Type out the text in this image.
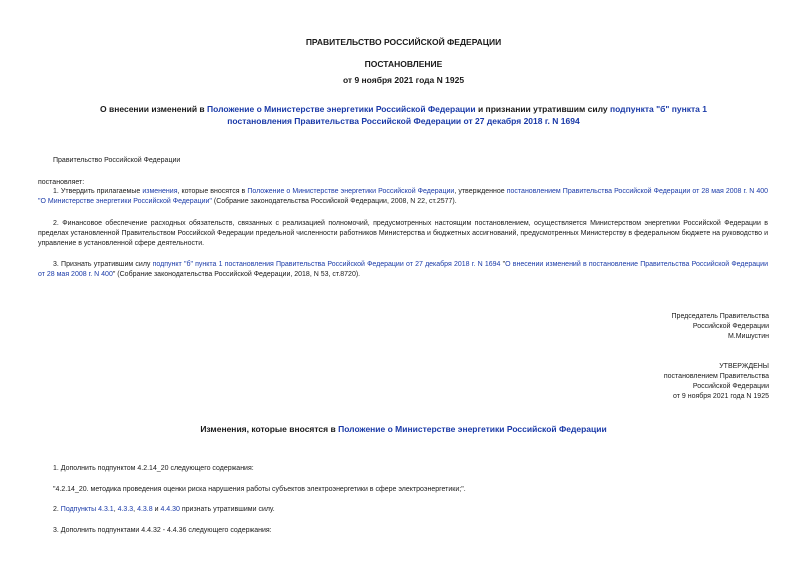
ПРАВИТЕЛЬСТВО РОССИЙСКОЙ ФЕДЕРАЦИИ
ПОСТАНОВЛЕНИЕ
от 9 ноября 2021 года N 1925
О внесении изменений в Положение о Министерстве энергетики Российской Федерации и признании утратившим силу подпункта "б" пункта 1 постановления Правительства Российской Федерации от 27 декабря 2018 г. N 1694
Правительство Российской Федерации
постановляет:
1. Утвердить прилагаемые изменения, которые вносятся в Положение о Министерстве энергетики Российской Федерации, утвержденное постановлением Правительства Российской Федерации от 28 мая 2008 г. N 400 "О Министерстве энергетики Российской Федерации" (Собрание законодательства Российской Федерации, 2008, N 22, ст.2577).
2. Финансовое обеспечение расходных обязательств, связанных с реализацией полномочий, предусмотренных настоящим постановлением, осуществляется Министерством энергетики Российской Федерации в пределах установленной Правительством Российской Федерации предельной численности работников Министерства и бюджетных ассигнований, предусмотренных Министерству в федеральном бюджете на руководство и управление в установленной сфере деятельности.
3. Признать утратившим силу подпункт "б" пункта 1 постановления Правительства Российской Федерации от 27 декабря 2018 г. N 1694 "О внесении изменений в постановление Правительства Российской Федерации от 28 мая 2008 г. N 400" (Собрание законодательства Российской Федерации, 2018, N 53, ст.8720).
Председатель Правительства
Российской Федерации
М.Мишустин
УТВЕРЖДЕНЫ
постановлением Правительства
Российской Федерации
от 9 ноября 2021 года N 1925
Изменения, которые вносятся в Положение о Министерстве энергетики Российской Федерации
1. Дополнить подпунктом 4.2.14_20 следующего содержания:
"4.2.14_20. методика проведения оценки риска нарушения работы субъектов электроэнергетики в сфере электроэнергетики;".
2. Подпункты 4.3.1, 4.3.3, 4.3.8 и 4.4.30 признать утратившими силу.
3. Дополнить подпунктами 4.4.32 - 4.4.36 следующего содержания:
